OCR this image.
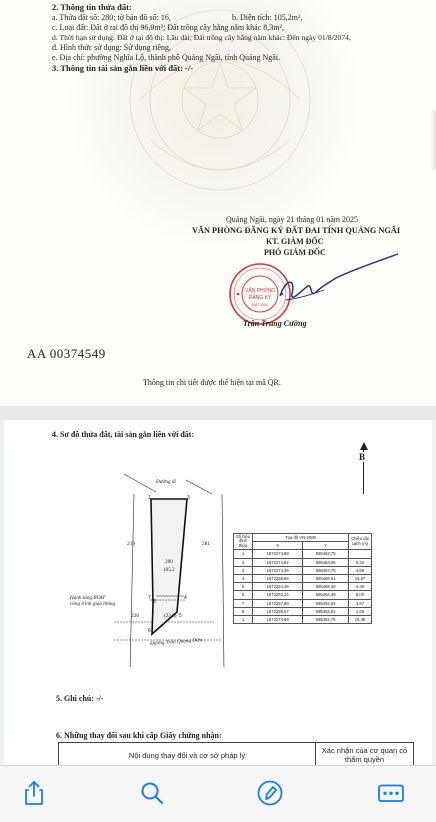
2. Thông tin thửa đất:
a. Thửa đất số: 280; tờ bản đồ số: 16,	b. Diện tích: 105,2m²,
c. Loại đất: Đất ở tại đô thị 96,9m²; Đất trồng cây hằng năm khác 8,3m²,
d. Thời hạn sử dụng: Đất ở tại đô thị: Lâu dài; Đất trồng cây hằng năm khác: Đến ngày 01/8/2074,
đ. Hình thức sử dụng: Sử dụng riêng,
e. Địa chỉ: phường Nghĩa Lộ, thành phố Quảng Ngãi, tỉnh Quảng Ngãi.
3. Thông tin tài sản gắn liền với đất: -/-
Quảng Ngãi, ngày 21 tháng 01 năm 2025
VĂN PHÒNG ĐĂNG KÝ ĐẤT ĐAI TỈNH QUẢNG NGÃI
KT. GIÁM ĐỐC
PHÓ GIÁM ĐỐC
VĂN PHÒNG
ĐĂNG KÝ
ĐẤT ĐAI
Trần Trung Cường
AA 00374549
Thông tin chi tiết được thể hiện tại mã QR.
4. Sơ đồ thửa đất, tài sản gắn liền với đất:
B
1	3
7	4
6
5
8
Đường đi
219	281
280
105.2
Hành lang BVAT
công trình giao thông
220	(23.3)
Đường Trần Quang Diệu
Số hiệu
đỉnh thửa	Tọa độ VN-2000		Chiều dài
cạnh (m)
	X	Y	
1	1672274,88	585462,75	
2	1672274,82	585463,06	0,32
3	1672274,38	585467,75	4,68
4	1672258,86	585468,91	15,67
5	1672254,38	585469,30	4,30
6	1672253,24	585464,39	5,00
7	1672257,90	585464,04	4,67
8	1672259,57	585463,91	1,68
1	1672274,88	585462,75	15,35
5. Ghi chú: -/-
6. Những thay đổi sau khi cấp Giấy chứng nhận:
Nội dung thay đổi và cơ sở pháp lý	Xác nhận của cơ quan có thẩm quyền
